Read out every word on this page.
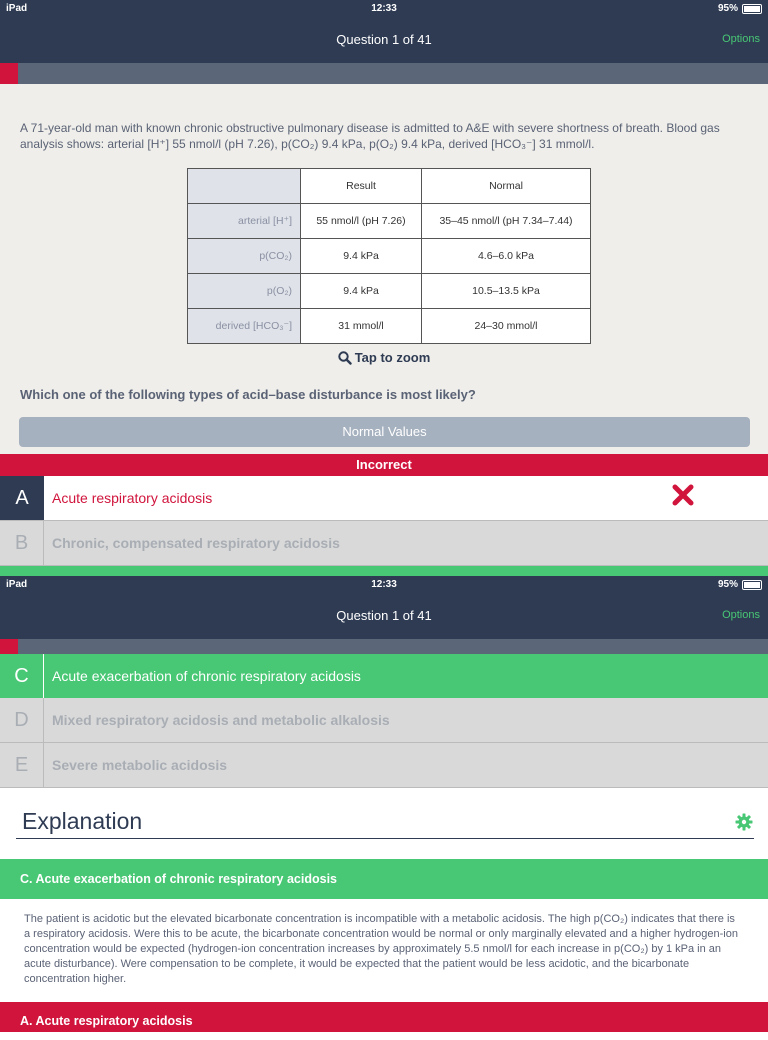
iPad	12:33	95%
Question 1 of 41	Options
A 71-year-old man with known chronic obstructive pulmonary disease is admitted to A&E with severe shortness of breath. Blood gas analysis shows: arterial [H⁺] 55 nmol/l (pH 7.26), p(CO₂) 9.4 kPa, p(O₂) 9.4 kPa, derived [HCO₃⁻] 31 mmol/l.
	Result	Normal
arterial [H⁺]	55 nmol/l (pH 7.26)	35–45 nmol/l (pH 7.34–7.44)
p(CO₂)	9.4 kPa	4.6–6.0 kPa
p(O₂)	9.4 kPa	10.5–13.5 kPa
derived [HCO₃⁻]	31 mmol/l	24–30 mmol/l
Tap to zoom
Which one of the following types of acid–base disturbance is most likely?
Normal Values
Incorrect
A	Acute respiratory acidosis
B	Chronic, compensated respiratory acidosis
iPad	12:33	95%
Question 1 of 41	Options
C	Acute exacerbation of chronic respiratory acidosis
D	Mixed respiratory acidosis and metabolic alkalosis
E	Severe metabolic acidosis
Explanation
C. Acute exacerbation of chronic respiratory acidosis
The patient is acidotic but the elevated bicarbonate concentration is incompatible with a metabolic acidosis. The high p(CO₂) indicates that there is a respiratory acidosis. Were this to be acute, the bicarbonate concentration would be normal or only marginally elevated and a higher hydrogen-ion concentration would be expected (hydrogen-ion concentration increases by approximately 5.5 nmol/l for each increase in p(CO₂) by 1 kPa in an acute disturbance). Were compensation to be complete, it would be expected that the patient would be less acidotic, and the bicarbonate concentration higher.
A. Acute respiratory acidosis
